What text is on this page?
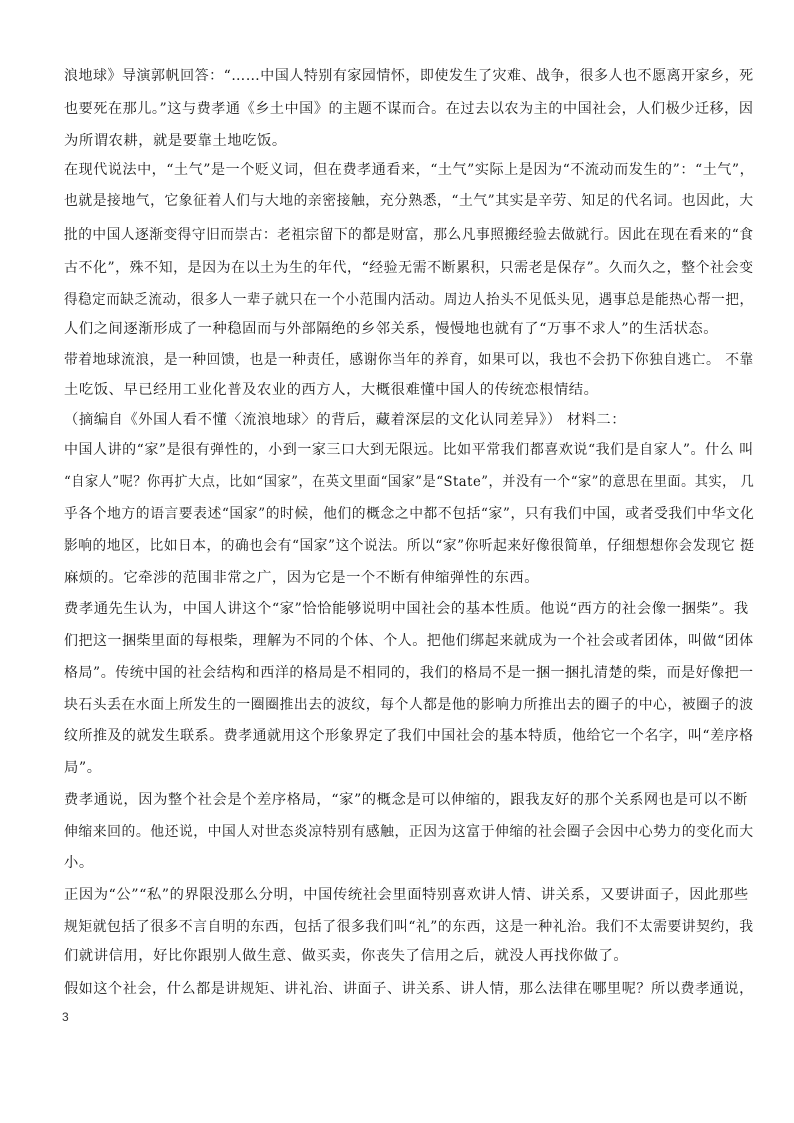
浪地球》导演郭帆回答：“……中国人特别有家园情怀，即使发生了灾难、战争，很多人也不愿离开家乡，死
也要死在那儿。”这与费孝通《乡土中国》的主题不谋而合。在过去以农为主的中国社会，人们极少迁移，因
为所谓农耕，就是要靠土地吃饭。
在现代说法中，“土气”是一个贬义词，但在费孝通看来，“土气”实际上是因为“不流动而发生的”：“土气”，
也就是接地气，它象征着人们与大地的亲密接触，充分熟悉，“土气”其实是辛劳、知足的代名词。也因此，大
批的中国人逐渐变得守旧而崇古：老祖宗留下的都是财富，那么凡事照搬经验去做就行。因此在现在看来的“食
古不化”，殊不知，是因为在以土为生的年代，“经验无需不断累积，只需老是保存”。久而久之，整个社会变
得稳定而缺乏流动，很多人一辈子就只在一个小范围内活动。周边人抬头不见低头见，遇事总是能热心帮一把，
人们之间逐渐形成了一种稳固而与外部隔绝的乡邻关系，慢慢地也就有了“万事不求人”的生活状态。
带着地球流浪，是一种回馈，也是一种责任，感谢你当年的养育，如果可以，我也不会扔下你独自逃亡。 不靠
土吃饭、早已经用工业化普及农业的西方人，大概很难懂中国人的传统恋根情结。
（摘编自《外国人看不懂〈流浪地球〉的背后，藏着深层的文化认同差异》） 材料二：
中国人讲的“家”是很有弹性的，小到一家三口大到无限远。比如平常我们都喜欢说“我们是自家人”。什么 叫
“自家人”呢？你再扩大点，比如“国家”，在英文里面“国家”是“State”，并没有一个“家”的意思在里面。其实， 几
乎各个地方的语言要表述“国家”的时候，他们的概念之中都不包括“家”，只有我们中国，或者受我们中华文化
影响的地区，比如日本，的确也会有“国家”这个说法。所以“家”你听起来好像很简单，仔细想想你会发现它 挺
麻烦的。它牵涉的范围非常之广，因为它是一个不断有伸缩弹性的东西。
费孝通先生认为，中国人讲这个“家”恰恰能够说明中国社会的基本性质。他说“西方的社会像一捆柴”。我
们把这一捆柴里面的每根柴，理解为不同的个体、个人。把他们绑起来就成为一个社会或者团体，叫做“团体
格局”。传统中国的社会结构和西洋的格局是不相同的，我们的格局不是一捆一捆扎清楚的柴，而是好像把一
块石头丢在水面上所发生的一圈圈推出去的波纹，每个人都是他的影响力所推出去的圈子的中心，被圈子的波
纹所推及的就发生联系。费孝通就用这个形象界定了我们中国社会的基本特质，他给它一个名字，叫“差序格
局”。
费孝通说，因为整个社会是个差序格局，“家”的概念是可以伸缩的，跟我友好的那个关系网也是可以不断
伸缩来回的。他还说，中国人对世态炎凉特别有感触，正因为这富于伸缩的社会圈子会因中心势力的变化而大
小。
正因为“公”“私”的界限没那么分明，中国传统社会里面特别喜欢讲人情、讲关系，又要讲面子，因此那些
规矩就包括了很多不言自明的东西，包括了很多我们叫“礼”的东西，这是一种礼治。我们不太需要讲契约，我
们就讲信用，好比你跟别人做生意、做买卖，你丧失了信用之后，就没人再找你做了。
假如这个社会，什么都是讲规矩、讲礼治、讲面子、讲关系、讲人情，那么法律在哪里呢？所以费孝通说，
3
